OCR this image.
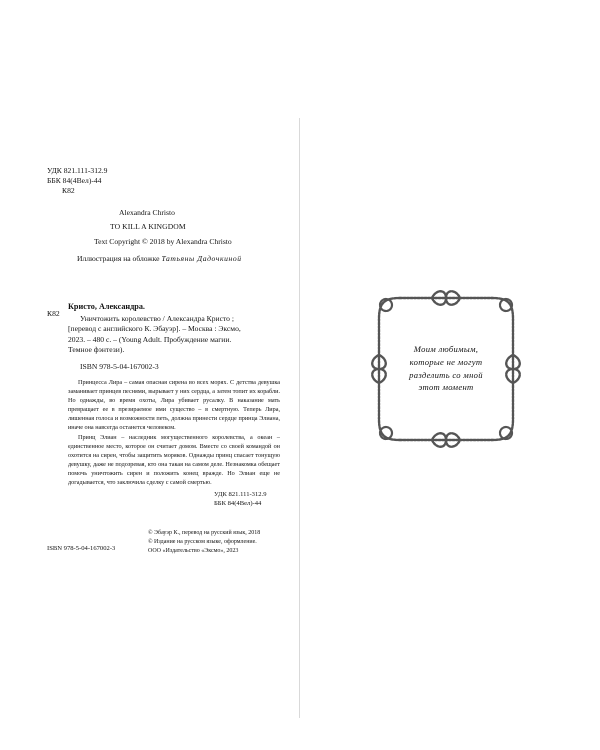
УДК 821.111-312.9
ББК 84(4Вел)-44
К82
Alexandra Christo
TO KILL A KINGDOM
Text Copyright © 2018 by Alexandra Christo
Иллюстрация на обложке Татьяны Дадочкиной
К82
Кристо, Александра.
Уничтожить королевство / Александра Кристо ;
[перевод с английского К. Эбауэр]. – Москва : Эксмо,
2023. – 480 с. – (Young Adult. Пробуждение магии.
Темное фэнтези).
ISBN 978-5-04-167002-3

Принцесса Лира – самая опасная сирена во всех морях. С детства девушка заманивает принцев песнями, вырывает у них сердца, а затем топит их корабли. Но однажды, во время охоты, Лира убивает русалку. В наказание мать превращает ее в презираемое ими существо – в смертную. Теперь Лира, лишенная голоса и возможности петь, должна принести сердце принца Элиана, иначе она навсегда останется человеком.

Принц Элиан – наследник могущественного королевства, а океан – единственное место, которое он считает домом. Вместе со своей командой он охотится на сирен, чтобы защитить моряков. Однажды принц спасает тонущую девушку, даже не подозревая, кто она такая на самом деле. Незнакомка обещает помочь уничтожить сирен и положить конец вражде. Но Элиан еще не догадывается, что заключила сделку с самой смертью.

УДК 821.111-312.9
ББК 84(4Вел)-44
© Эбауэр К., перевод на русский язык, 2018
© Издание на русском языке, оформление.
ООО «Издательство «Эксмо», 2023
ISBN 978-5-04-167002-3
Моим любимым,
которые не могут
разделить со мной
этот момент
